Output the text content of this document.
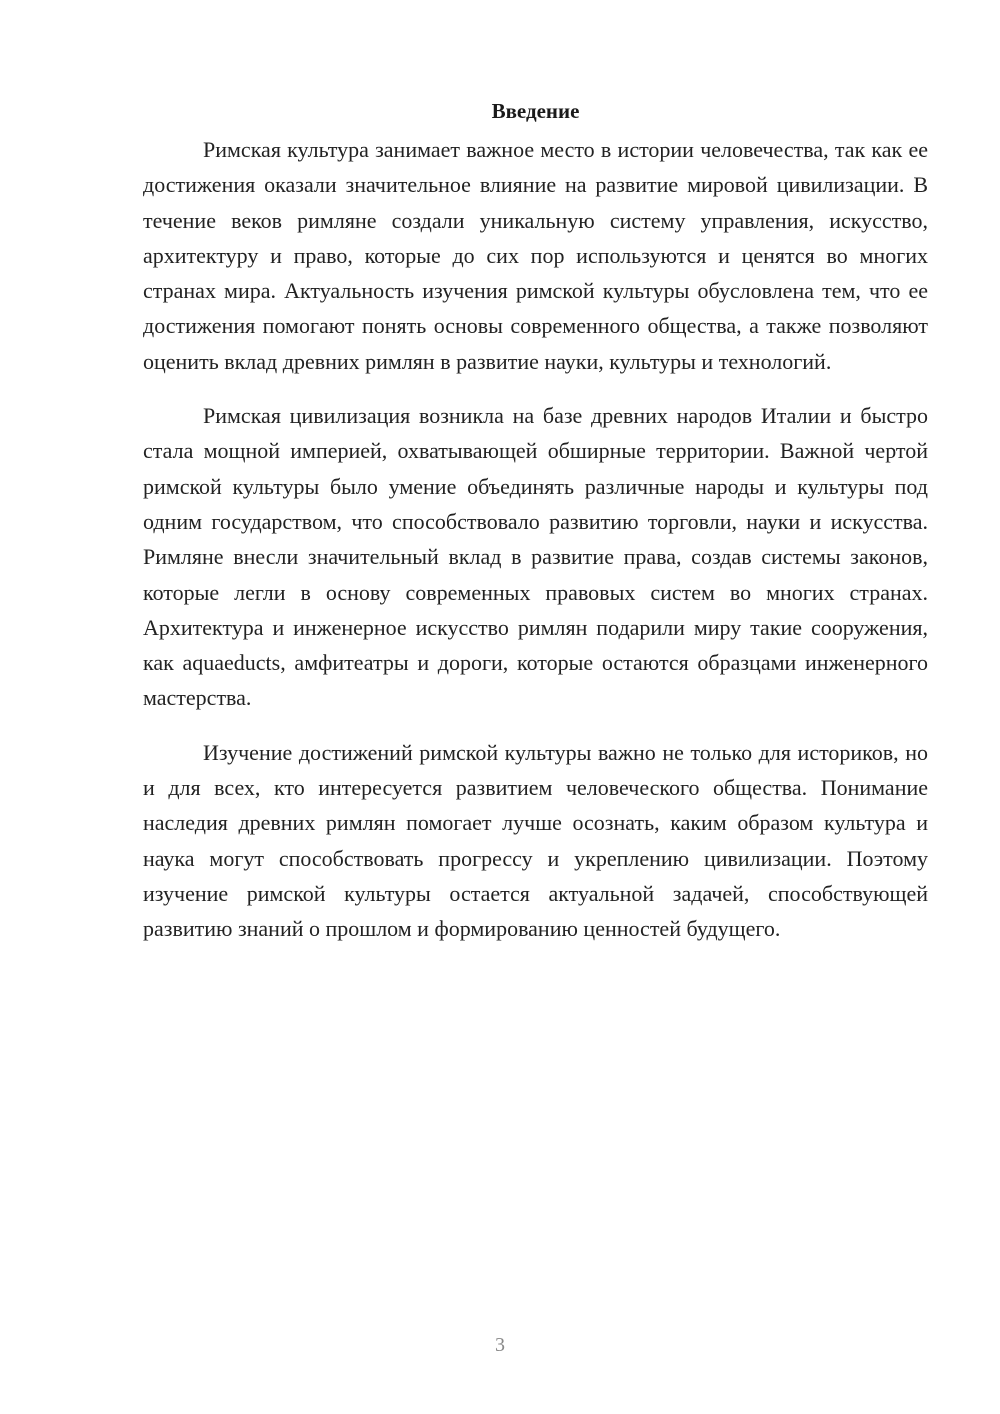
Введение

Римская культура занимает важное место в истории человечества, так как ее достижения оказали значительное влияние на развитие мировой цивилизации. В течение веков римляне создали уникальную систему управления, искусство, архитектуру и право, которые до сих пор используются и ценятся во многих странах мира. Актуальность изучения римской культуры обусловлена тем, что ее достижения помогают понять основы современного общества, а также позволяют оценить вклад древних римлян в развитие науки, культуры и технологий.

Римская цивилизация возникла на базе древних народов Италии и быстро стала мощной империей, охватывающей обширные территории. Важной чертой римской культуры было умение объединять различные народы и культуры под одним государством, что способствовало развитию торговли, науки и искусства. Римляне внесли значительный вклад в развитие права, создав системы законов, которые легли в основу современных правовых систем во многих странах. Архитектура и инженерное искусство римлян подарили миру такие сооружения, как aquaeducts, амфитеатры и дороги, которые остаются образцами инженерного мастерства.

Изучение достижений римской культуры важно не только для историков, но и для всех, кто интересуется развитием человеческого общества. Понимание наследия древних римлян помогает лучше осознать, каким образом культура и наука могут способствовать прогрессу и укреплению цивилизации. Поэтому изучение римской культуры остается актуальной задачей, способствующей развитию знаний о прошлом и формированию ценностей будущего.

3
